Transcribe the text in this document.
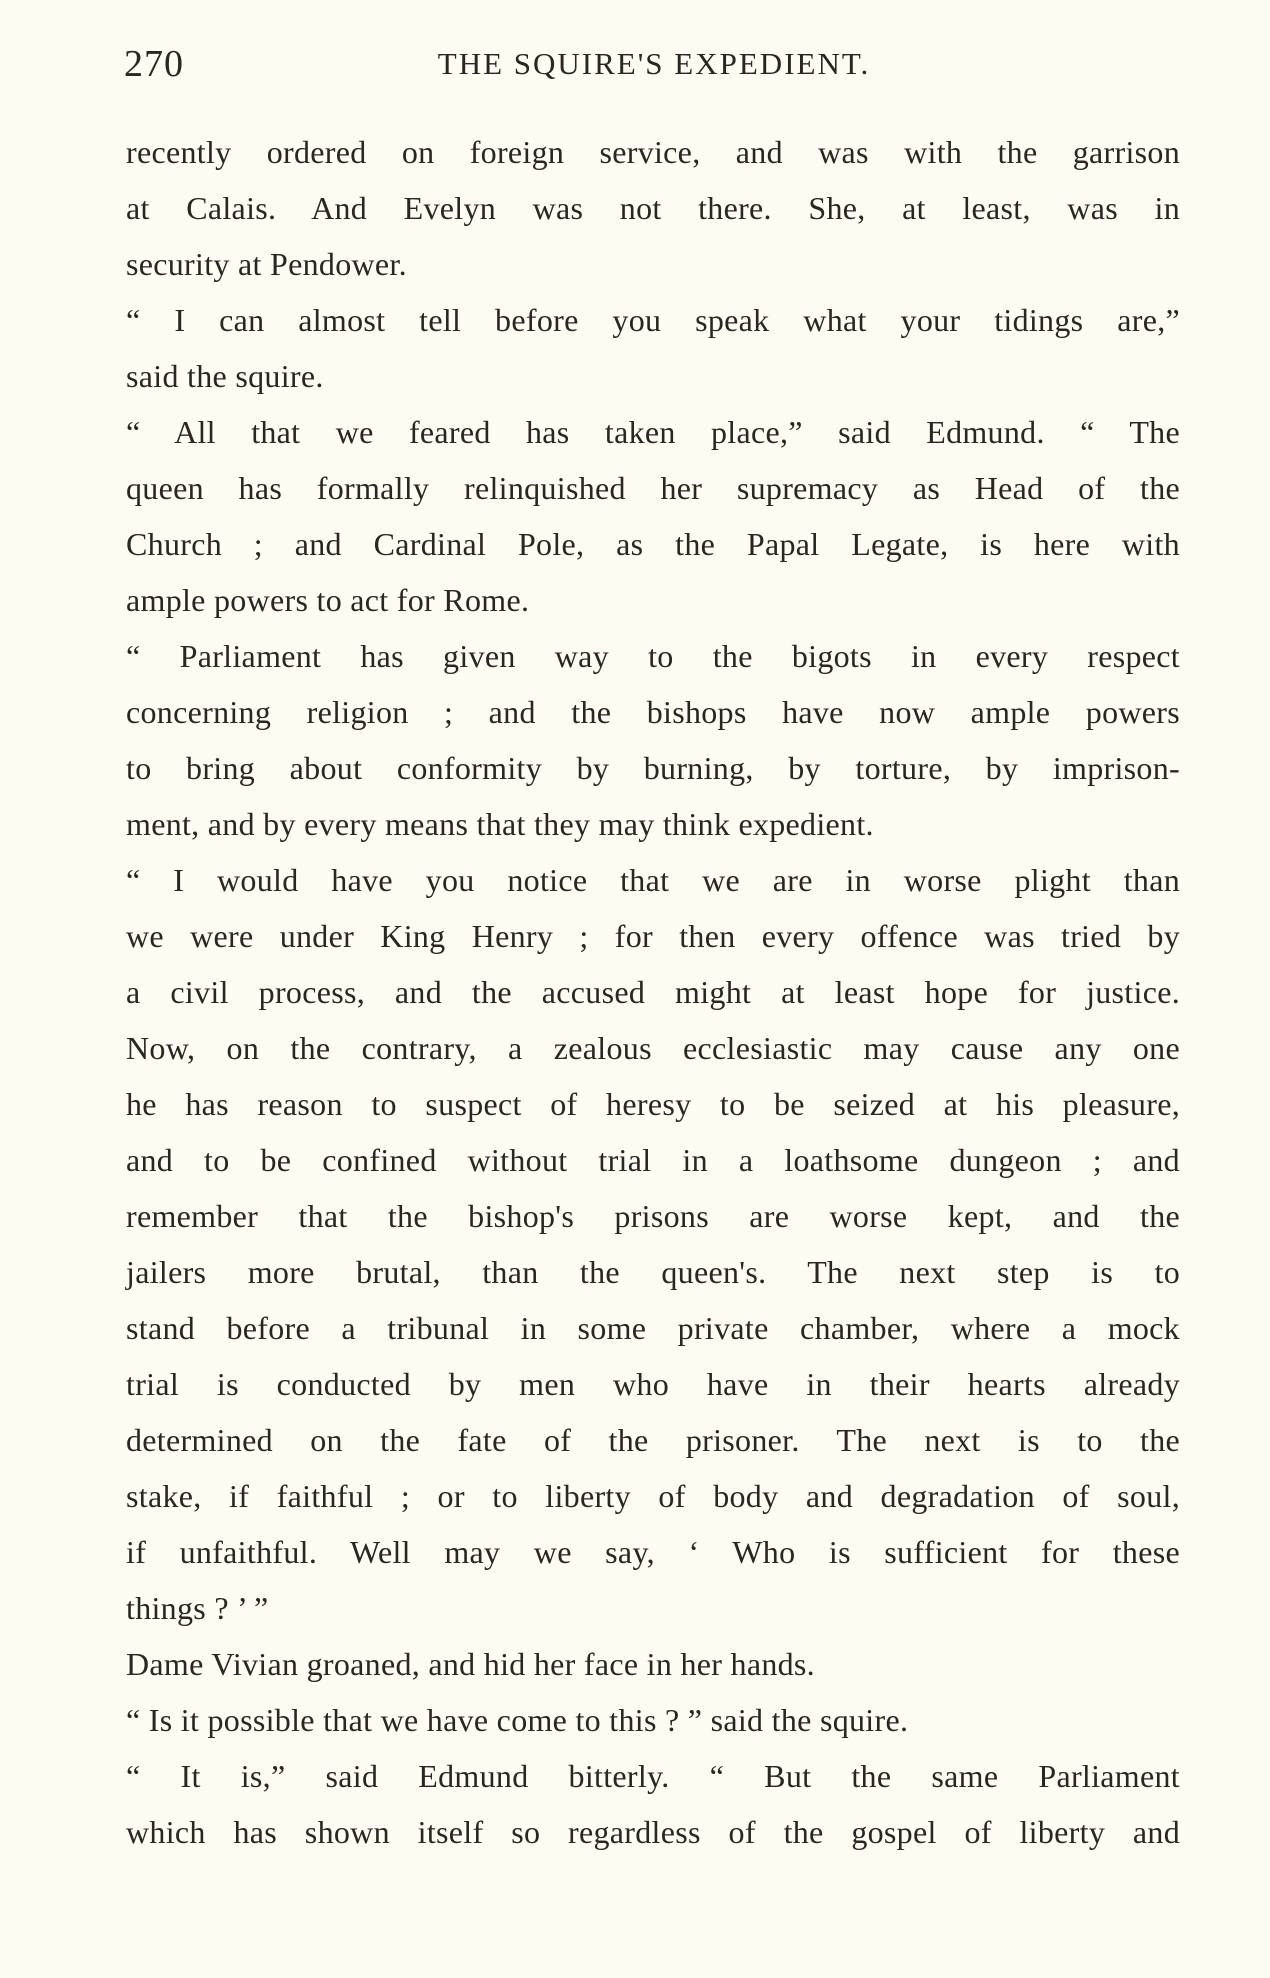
270	THE SQUIRE'S EXPEDIENT.
recently ordered on foreign service, and was with the garrison
at Calais. And Evelyn was not there. She, at least, was in
security at Pendower.
“ I can almost tell before you speak what your tidings are,”
said the squire.
“ All that we feared has taken place,” said Edmund. “ The
queen has formally relinquished her supremacy as Head of the
Church ; and Cardinal Pole, as the Papal Legate, is here with
ample powers to act for Rome.
“ Parliament has given way to the bigots in every respect
concerning religion ; and the bishops have now ample powers
to bring about conformity by burning, by torture, by imprison-
ment, and by every means that they may think expedient.
“ I would have you notice that we are in worse plight than
we were under King Henry ; for then every offence was tried by
a civil process, and the accused might at least hope for justice.
Now, on the contrary, a zealous ecclesiastic may cause any one
he has reason to suspect of heresy to be seized at his pleasure,
and to be confined without trial in a loathsome dungeon ; and
remember that the bishop's prisons are worse kept, and the
jailers more brutal, than the queen's. The next step is to
stand before a tribunal in some private chamber, where a mock
trial is conducted by men who have in their hearts already
determined on the fate of the prisoner. The next is to the
stake, if faithful ; or to liberty of body and degradation of soul,
if unfaithful. Well may we say, ‘ Who is sufficient for these
things ? ’ ”
Dame Vivian groaned, and hid her face in her hands.
“ Is it possible that we have come to this ? ” said the squire.
“ It is,” said Edmund bitterly. “ But the same Parliament
which has shown itself so regardless of the gospel of liberty and
